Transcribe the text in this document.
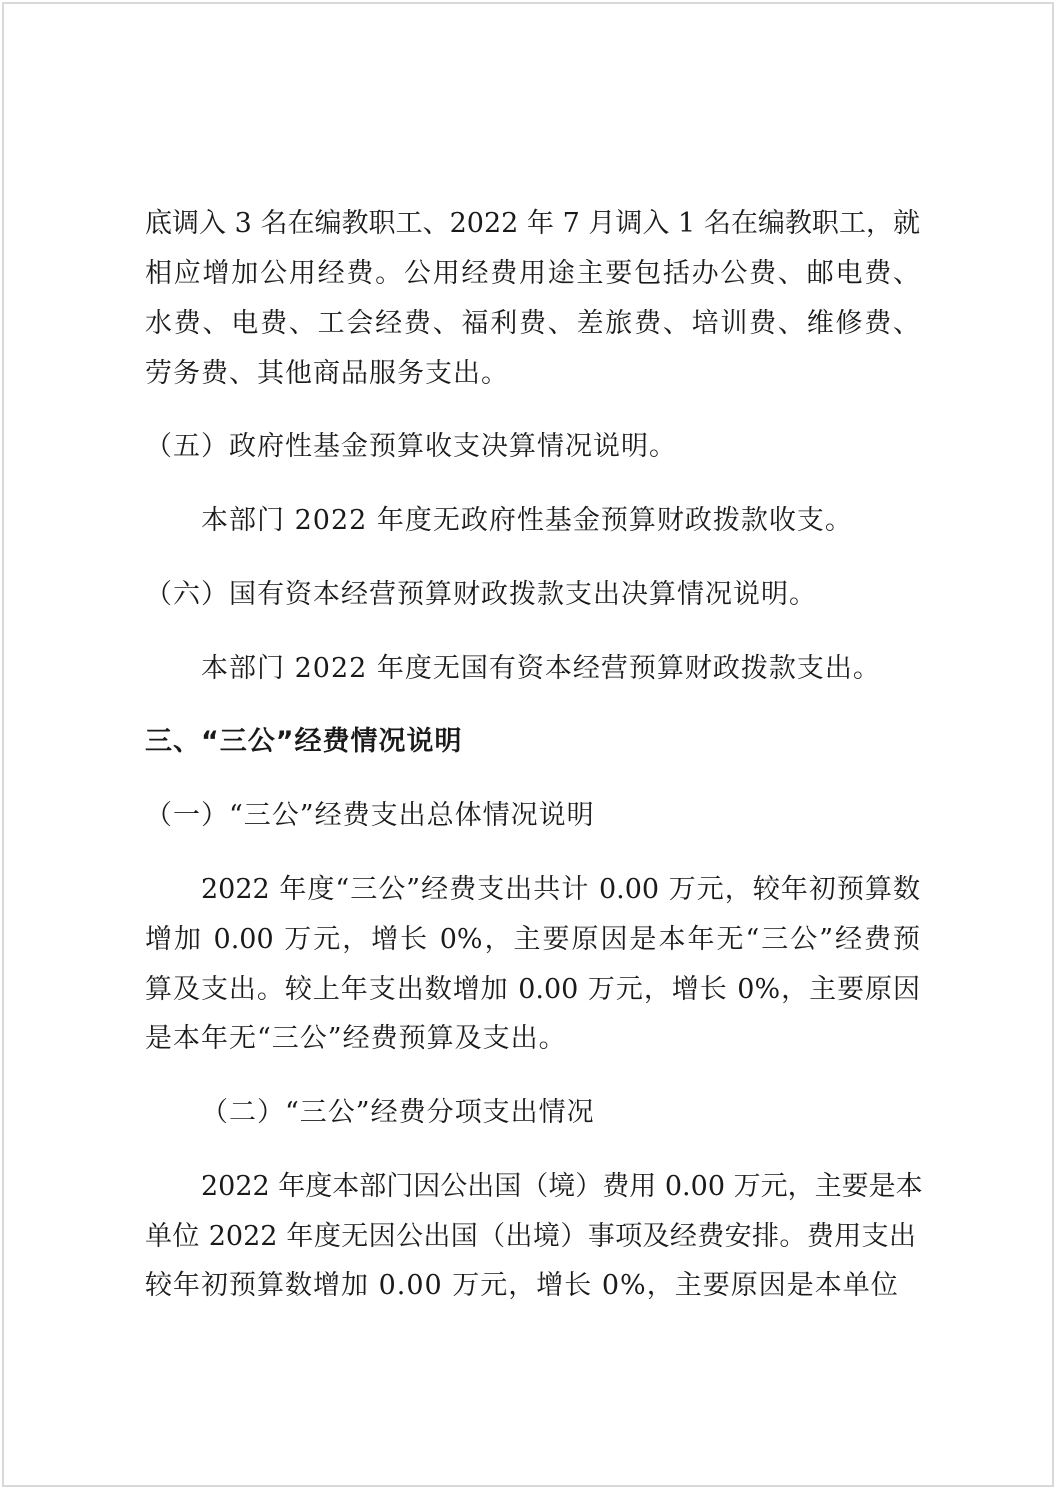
底调入 3 名在编教职工、2022 年 7 月调入 1 名在编教职工，就
相应增加公用经费。公用经费用途主要包括办公费、邮电费、
水费、电费、工会经费、福利费、差旅费、培训费、维修费、
劳务费、其他商品服务支出。
（五）政府性基金预算收支决算情况说明。
本部门 2022 年度无政府性基金预算财政拨款收支。
（六）国有资本经营预算财政拨款支出决算情况说明。
本部门 2022 年度无国有资本经营预算财政拨款支出。
三、“三公”经费情况说明
（一）“三公”经费支出总体情况说明
2022 年度“三公”经费支出共计 0.00 万元，较年初预算数
增加 0.00 万元，增长 0%，主要原因是本年无“三公”经费预
算及支出。较上年支出数增加 0.00 万元，增长 0%，主要原因
是本年无“三公”经费预算及支出。
（二）“三公”经费分项支出情况
2022 年度本部门因公出国（境）费用 0.00 万元，主要是本
单位 2022 年度无因公出国（出境）事项及经费安排。费用支出
较年初预算数增加 0.00 万元，增长 0%，主要原因是本单位
